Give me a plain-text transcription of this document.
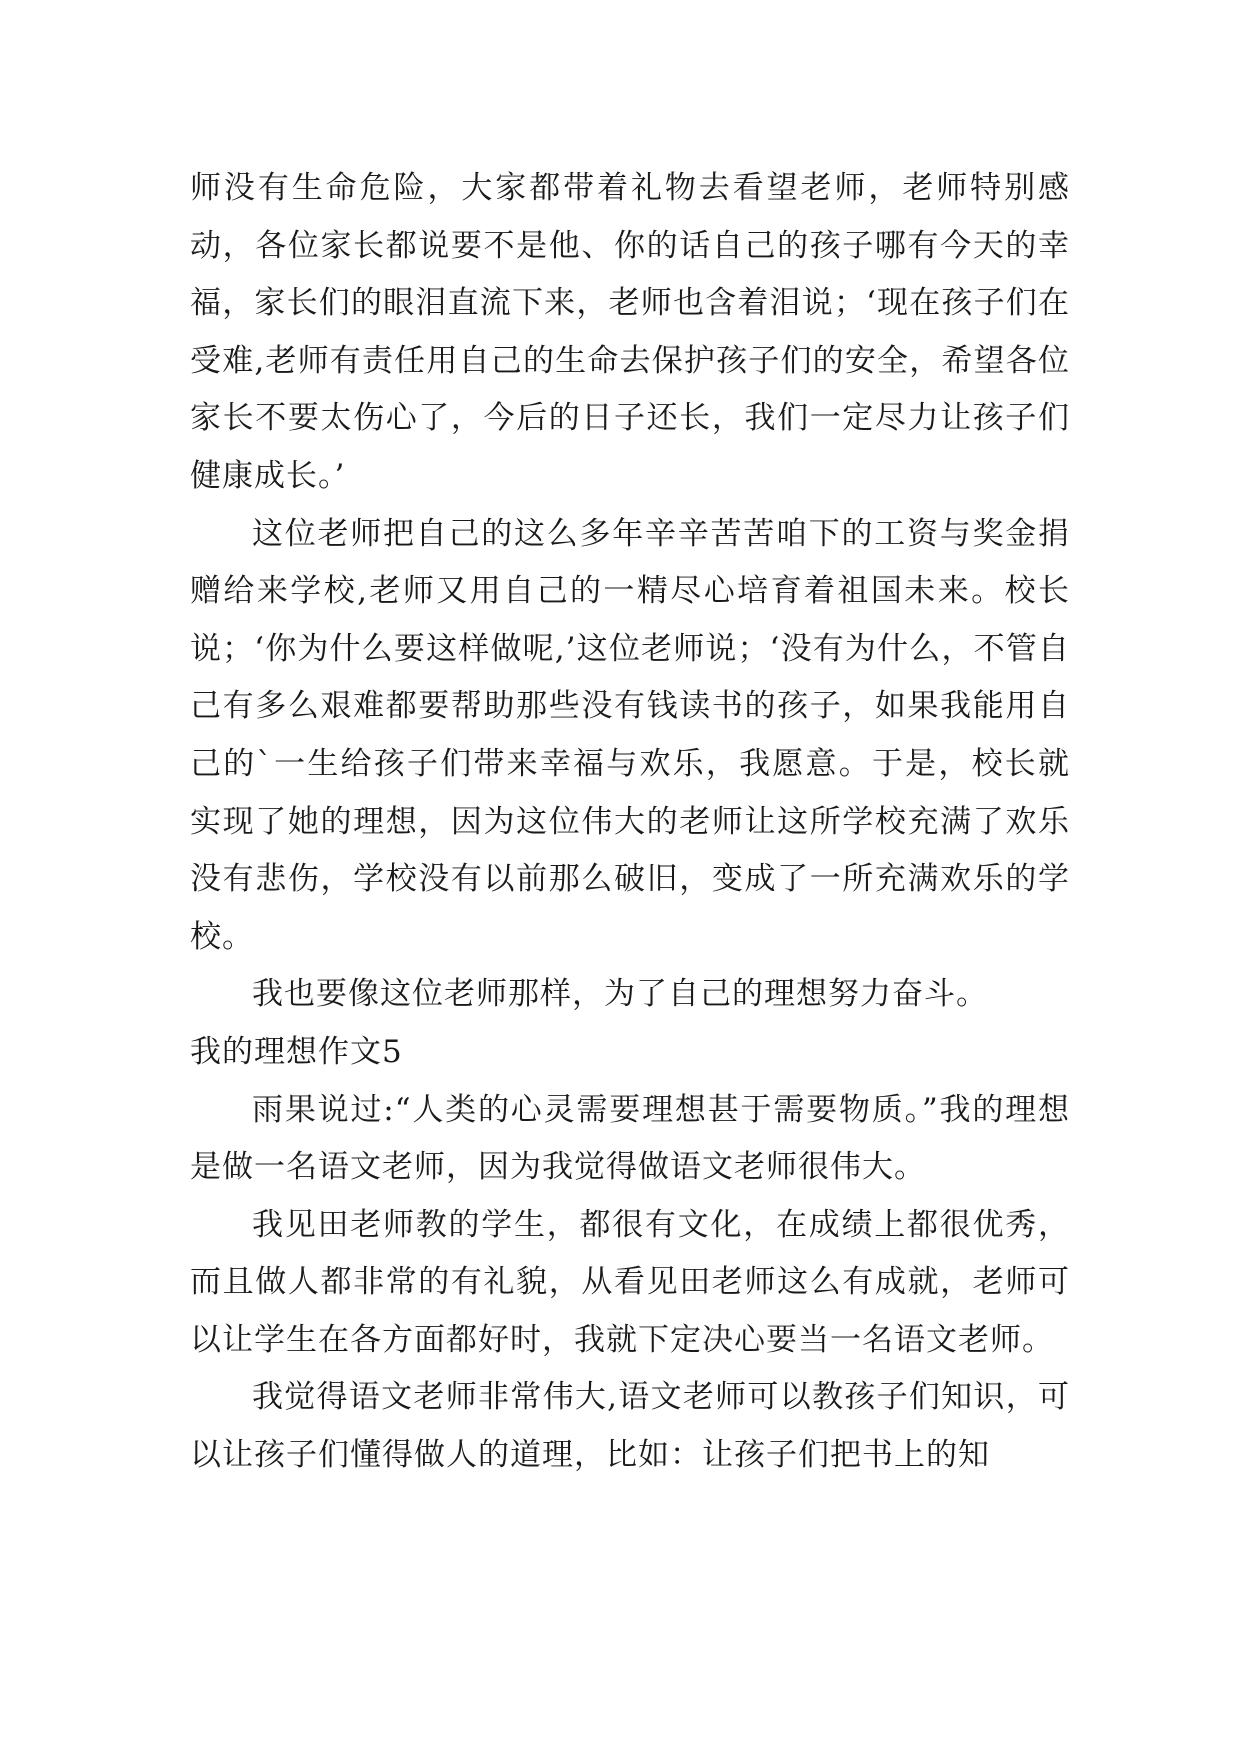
师没有生命危险，大家都带着礼物去看望老师，老师特别感动，各位家长都说要不是他、你的话自己的孩子哪有今天的幸福，家长们的眼泪直流下来，老师也含着泪说；‘现在孩子们在受难,老师有责任用自己的生命去保护孩子们的安全，希望各位家长不要太伤心了，今后的日子还长，我们一定尽力让孩子们健康成长。’

这位老师把自己的这么多年辛辛苦苦咱下的工资与奖金捐赠给来学校,老师又用自己的一精尽心培育着祖国未来。校长说；‘你为什么要这样做呢,’这位老师说；‘没有为什么，不管自己有多么艰难都要帮助那些没有钱读书的孩子，如果我能用自己的`一生给孩子们带来幸福与欢乐，我愿意。于是，校长就实现了她的理想，因为这位伟大的老师让这所学校充满了欢乐没有悲伤，学校没有以前那么破旧，变成了一所充满欢乐的学校。

我也要像这位老师那样，为了自己的理想努力奋斗。

我的理想作文5

雨果说过:“人类的心灵需要理想甚于需要物质。”我的理想是做一名语文老师，因为我觉得做语文老师很伟大。

我见田老师教的学生，都很有文化，在成绩上都很优秀，而且做人都非常的有礼貌，从看见田老师这么有成就，老师可以让学生在各方面都好时，我就下定决心要当一名语文老师。

我觉得语文老师非常伟大,语文老师可以教孩子们知识，可以让孩子们懂得做人的道理，比如：让孩子们把书上的知
